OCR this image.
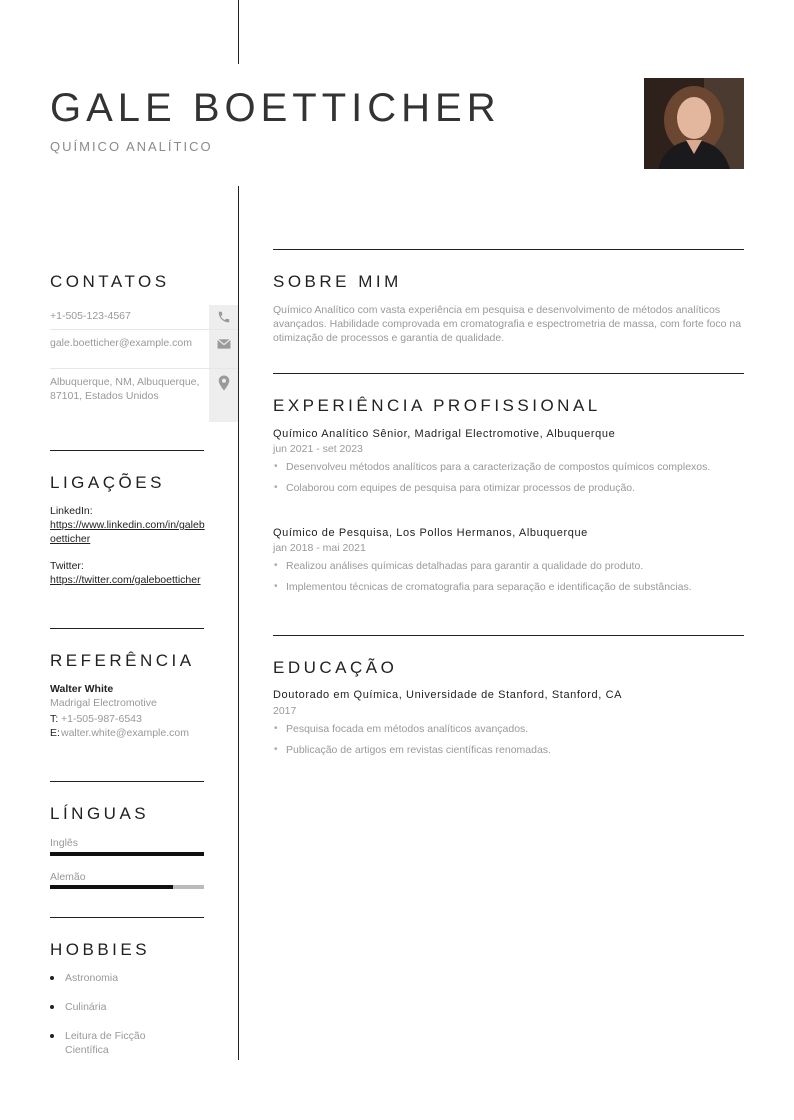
GALE BOETTICHER
QUÍMICO ANALÍTICO
CONTATOS
+1-505-123-4567
gale.boetticher@example.com
Albuquerque, NM, Albuquerque, 87101, Estados Unidos
LIGAÇÕES
LinkedIn:
https://www.linkedin.com/in/galeboetticher
Twitter:
https://twitter.com/galeboetticher
REFERÊNCIA
Walter White
Madrigal Electromotive
T: +1-505-987-6543
E: walter.white@example.com
LÍNGUAS
Inglês
Alemão
HOBBIES
Astronomia
Culinária
Leitura de Ficção Científica
SOBRE MIM
Químico Analítico com vasta experiência em pesquisa e desenvolvimento de métodos analíticos avançados. Habilidade comprovada em cromatografia e espectrometria de massa, com forte foco na otimização de processos e garantia de qualidade.
EXPERIÊNCIA PROFISSIONAL
Químico Analítico Sênior, Madrigal Electromotive, Albuquerque
jun 2021 - set 2023
• Desenvolveu métodos analíticos para a caracterização de compostos químicos complexos.
• Colaborou com equipes de pesquisa para otimizar processos de produção.
Químico de Pesquisa, Los Pollos Hermanos, Albuquerque
jan 2018 - mai 2021
• Realizou análises químicas detalhadas para garantir a qualidade do produto.
• Implementou técnicas de cromatografia para separação e identificação de substâncias.
EDUCAÇÃO
Doutorado em Química, Universidade de Stanford, Stanford, CA
2017
• Pesquisa focada em métodos analíticos avançados.
• Publicação de artigos em revistas científicas renomadas.
